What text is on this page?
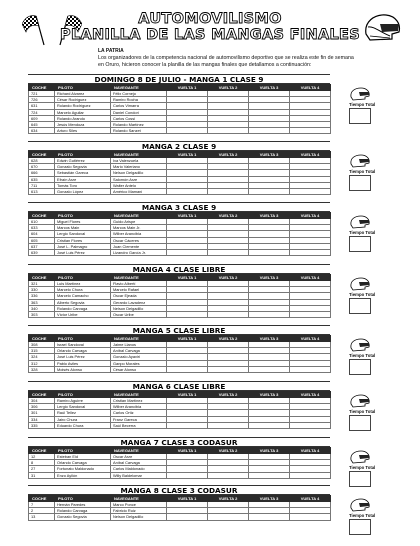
AUTOMOVILISMO
PLANILLA DE LAS MANGAS FINALES
LA PATRIA
Los organizadores de la competencia nacional de automovilismo deportivo que se realiza este fin de semana en Oruro, hicieron conocer la planilla de las mangas finales que detallamos a continuación:
DOMINGO 8 DE JULIO - MANGA 1 CLASE 9
COCHE	PILOTO	NAVEGANTE	VUELTA 1	VUELTA 2	VUELTA 3	VUELTA 4
721	Richard Alvarez	Félix Cornejo				
726	César Rodríguez	Ramiro Rocha				
631	Rolando Rodríguez	Carlos Vimarra				
724	Marcelo Aguilar	Daniel Condori				
609	Rolando Arando	Carlos Cossi				
645	Jesús Mendoza	Rolando Martínez				
634	Arturo Siles	Rolando Sanzet				
Tiempo Total
MANGA 2 CLASE 9
COCHE	PILOTO	NAVEGANTE	VUELTA 1	VUELTA 2	VUELTA 3	VUELTA 4
628	Edwin Gutiérrez	Iva Valenzuela				
670	Gonzalo Segovia	Mario Valeriano				
666	Sebastián Gareca	Nelson Delgadillo				
635	Efraín Arze	Salomón Arze				
711	Tomás Toro	Walter Antelo				
613	Gonzalo López	Américo Mamani				
Tiempo Total
MANGA 3 CLASE 9
COCHE	PILOTO	NAVEGANTE	VUELTA 1	VUELTA 2	VUELTA 3	VUELTA 4
610	Miguel Flores	Guido Arispe				
633	Marcos Main	Marcos Main Jr.				
604	Lergio Sandoval	Wilber Arancibia				
605	Cristian Flores	Oscar Cáceres				
637	José L. Palmagro	Juan Clemente				
639	José Luis Pérez	Lizandro García Jr.				
Tiempo Total
MANGA 4 CLASE LIBRE
COCHE	PILOTO	NAVEGANTE	VUELTA 1	VUELTA 2	VUELTA 3	VUELTA 4
321	Luis Martínez	Flavio Albertí				
330	Marcelo Chura	Marcelo Rafael				
336	Marcelo Camacho	Oscar Ejeada				
363	Alberto Segovia	Gerardo Lavadenz				
340	Rolando Carvaga	Nelson Delgadillo				
303	Víctor Uribe	Oscar Uribe				
Tiempo Total
MANGA 5 CLASE LIBRE
COCHE	PILOTO	NAVEGANTE	VUELTA 1	VUELTA 2	VUELTA 3	VUELTA 4
308	Israel Sandoval	Jaime Llanos				
315	Orlando Carvaga	Aníbal Carvaga				
324	José Luis Pérez	Gonzalo Ayaviri				
312	Pablo Aviles	Ganpo Morales				
328	Moisés Alonso	César Alonso				
Tiempo Total
MANGA 6 CLASE LIBRE
COCHE	PILOTO	NAVEGANTE	VUELTA 1	VUELTA 2	VUELTA 3	VUELTA 4
304	Ramiro Aguirre	Cristian Martínez				
306	Lergio Sandoval	Wilber Arancibia				
301	Raúl Tellez	Carlos Ortiz				
334	Jairo Chura	Franz Gareca				
335	Eduardo Chura	Saúl Becerra				
Tiempo Total
MANGA 7 CLASE 3 CODASUR
COCHE	PILOTO	NAVEGANTE	VUELTA 1	VUELTA 2	VUELTA 3	VUELTA 4
12	Esteban Eid	Oscar Arze				
8	Orlando Carvaga	Aníbal Carvaga				
27	Fortunato Maldonado	Carlos Maldonado				
31	Enzo Ayllón	Willy Baldelomar				
Tiempo Total
MANGA 8 CLASE 3 CODASUR
COCHE	PILOTO	NAVEGANTE	VUELTA 1	VUELTA 2	VUELTA 3	VUELTA 4
7	Hernán Paredes	Marco Ponce				
2	Rolando Carvaga	Fabricio Ruiz				
13	Gonzalo Segovia	Nelson Delgadillo					Tiempo Total
